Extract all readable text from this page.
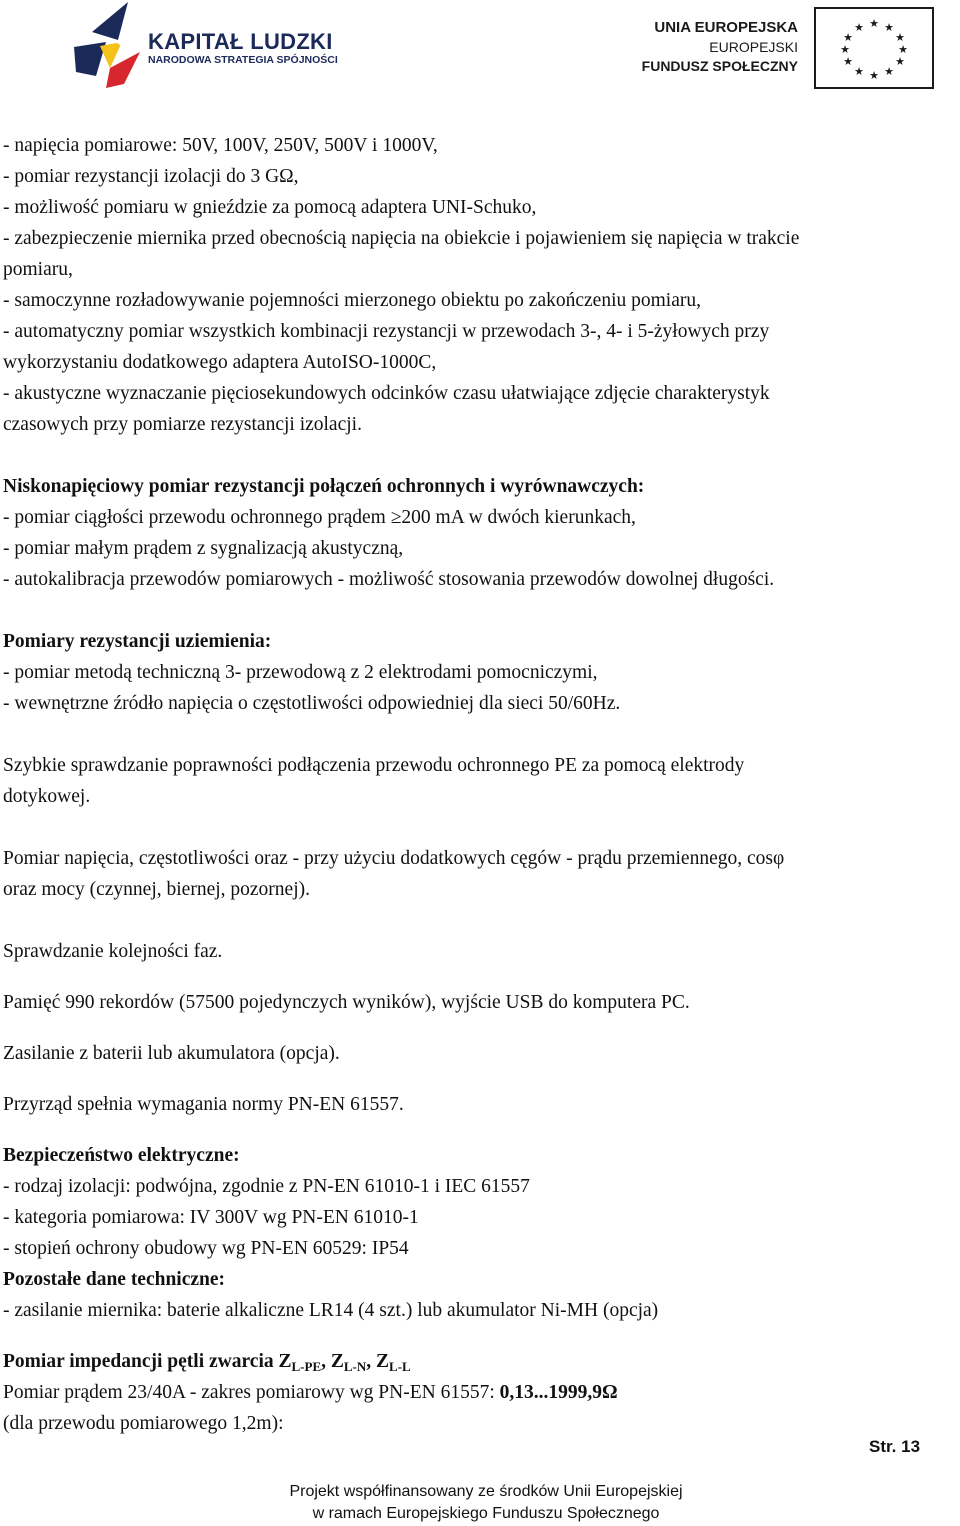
KAPITAŁ LUDZKI
NARODOWA STRATEGIA SPÓJNOŚCI
UNIA EUROPEJSKA
EUROPEJSKI
FUNDUSZ SPOŁECZNY
★ ★
★
★
★
★
★
★
★
★
★
★

- napięcia pomiarowe: 50V, 100V, 250V, 500V i 1000V,

- pomiar rezystancji izolacji do 3 GΩ,

- możliwość pomiaru w gnieździe za pomocą adaptera UNI-Schuko,

- zabezpieczenie miernika przed obecnością napięcia na obiekcie i pojawieniem się napięcia w trakcie

pomiaru,

- samoczynne rozładowywanie pojemności mierzonego obiektu po zakończeniu pomiaru,

- automatyczny pomiar wszystkich kombinacji rezystancji w przewodach 3-, 4- i 5-żyłowych przy

wykorzystaniu dodatkowego adaptera AutoISO-1000C,

- akustyczne wyznaczanie pięciosekundowych odcinków czasu ułatwiające zdjęcie charakterystyk

czasowych przy pomiarze rezystancji izolacji.

Niskonapięciowy pomiar rezystancji połączeń ochronnych i wyrównawczych:

- pomiar ciągłości przewodu ochronnego prądem ≥200 mA w dwóch kierunkach,

- pomiar małym prądem z sygnalizacją akustyczną,

- autokalibracja przewodów pomiarowych - możliwość stosowania przewodów dowolnej długości.

Pomiary rezystancji uziemienia:

- pomiar metodą techniczną 3- przewodową z 2 elektrodami pomocniczymi,

- wewnętrzne źródło napięcia o częstotliwości odpowiedniej dla sieci 50/60Hz.

Szybkie sprawdzanie poprawności podłączenia przewodu ochronnego PE za pomocą elektrody

dotykowej.

Pomiar napięcia, częstotliwości oraz - przy użyciu dodatkowych cęgów - prądu przemiennego, cosφ

oraz mocy (czynnej, biernej, pozornej).

Sprawdzanie kolejności faz.

Pamięć 990 rekordów (57500 pojedynczych wyników), wyjście USB do komputera PC.

Zasilanie z baterii lub akumulatora (opcja).

Przyrząd spełnia wymagania normy PN-EN 61557.

Bezpieczeństwo elektryczne:

- rodzaj izolacji: podwójna, zgodnie z PN-EN 61010-1 i IEC 61557

- kategoria pomiarowa: IV 300V wg PN-EN 61010-1

- stopień ochrony obudowy wg PN-EN 60529: IP54

Pozostałe dane techniczne:

- zasilanie miernika: baterie alkaliczne LR14 (4 szt.) lub akumulator Ni-MH (opcja)

Pomiar impedancji pętli zwarcia $Z_{L-PE}$, $Z_{L-N}$, $Z_{L-L}$

Pomiar prądem 23/40A - zakres pomiarowy wg PN-EN 61557: 0,13...1999,9Ω

(dla przewodu pomiarowego 1,2m):

Str. 13
Projekt współfinansowany ze środków Unii Europejskiej
w ramach Europejskiego Funduszu Społecznego
